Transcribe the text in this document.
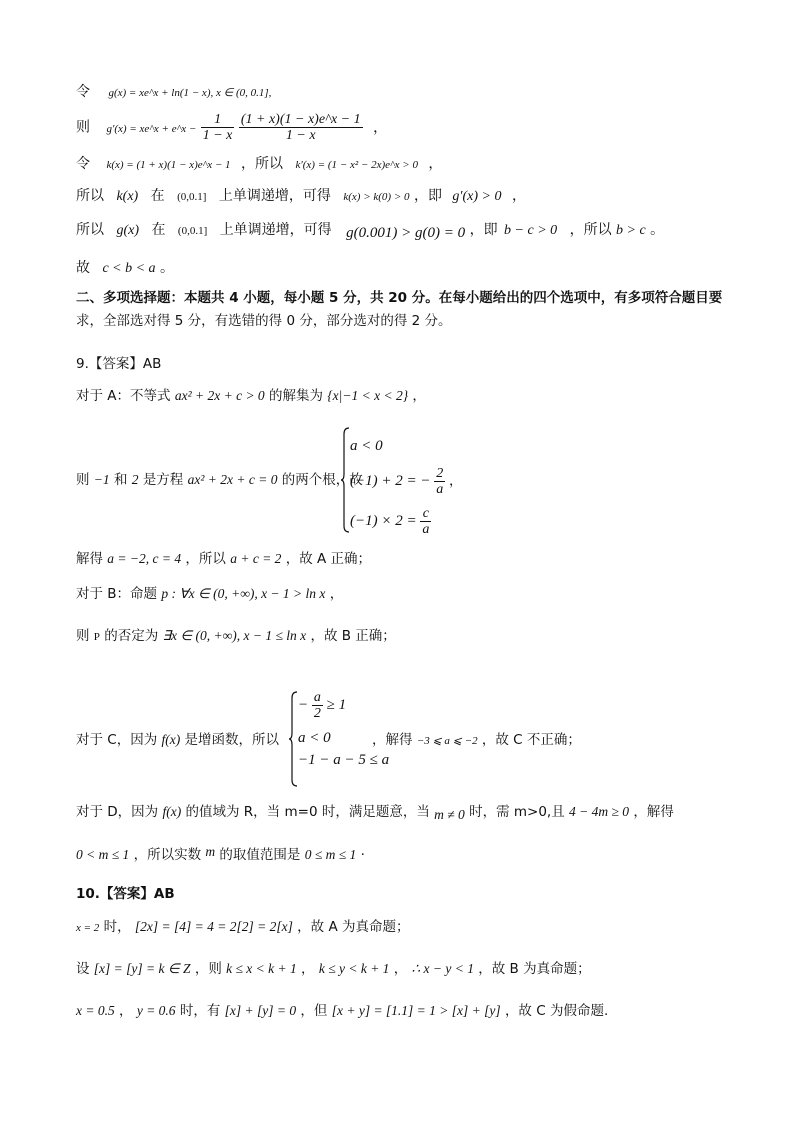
令 g(x) = xe^x + ln(1 − x), x ∈ (0, 0.1],
则 g′(x) = xe^x + e^x − $\frac{1}{1 - x}$
$\frac{(1 + x)(1 - x)e\^{}x - 1}{1 - x}$ ，
令 k(x) = (1 + x)(1 − x)e^x − 1 ，所以 k′(x) = (1 − x² − 2x)e^x > 0 ，
所以 k(x) 在 (0,0.1] 上单调递增，可得 k(x) > k(0) > 0 ，即 g′(x) > 0 ，
所以 g(x) 在 (0,0.1] 上单调递增，可得 g(0.001) > g(0) = 0 ，即 b − c > 0 ，所以 b > c 。
故 c < b < a 。
二、多项选择题：本题共 4 小题，每小题 5 分，共 20 分。在每小题给出的四个选项中，有多项符合题目要
求，全部选对得 5 分，有选错的得 0 分，部分选对的得 2 分。
9.【答案】AB
对于 A：不等式 ax² + 2x + c > 0 的解集为 {x|−1 < x < 2} ，
则 −1 和 2 是方程 ax² + 2x + c = 0 的两个根，故
a < 0
(−1) + 2 = − $\frac{2}{a}$ ，
$(-1) \times 2 = \frac{c}{a}$
解得 a = −2, c = 4 ，所以 a + c = 2 ，故 A 正确；
对于 B：命题 p : ∀x ∈ (0, +∞), x − 1 > ln x ，
则 P 的否定为 ∃x ∈ (0, +∞), x − 1 ≤ ln x ，故 B 正确；
对于 C，因为 f(x) 是增函数，所以
− $\frac{a}{2} \ge 1$
a < 0
−1 − a − 5 ≤ a
，解得 −3 ⩽ a ⩽ −2 ，故 C 不正确；
对于 D，因为 f(x) 的值域为 R，当 m=0 时，满足题意，当 m ≠ 0 时，需 m>0,且 4 − 4m ≥ 0 ，解得
0 < m ≤ 1 ，所以实数 m 的取值范围是 0 ≤ m ≤ 1 ·
10.【答案】AB
x = 2 时， [2x] = [4] = 4 = 2[2] = 2[x] ，故 A 为真命题；
设 [x] = [y] = k ∈ Z ，则 k ≤ x < k + 1 ， k ≤ y < k + 1 ， ∴ x − y < 1 ，故 B 为真命题；
x = 0.5 ， y = 0.6 时，有 [x] + [y] = 0 ，但 [x + y] = [1.1] = 1 > [x] + [y] ，故 C 为假命题.
